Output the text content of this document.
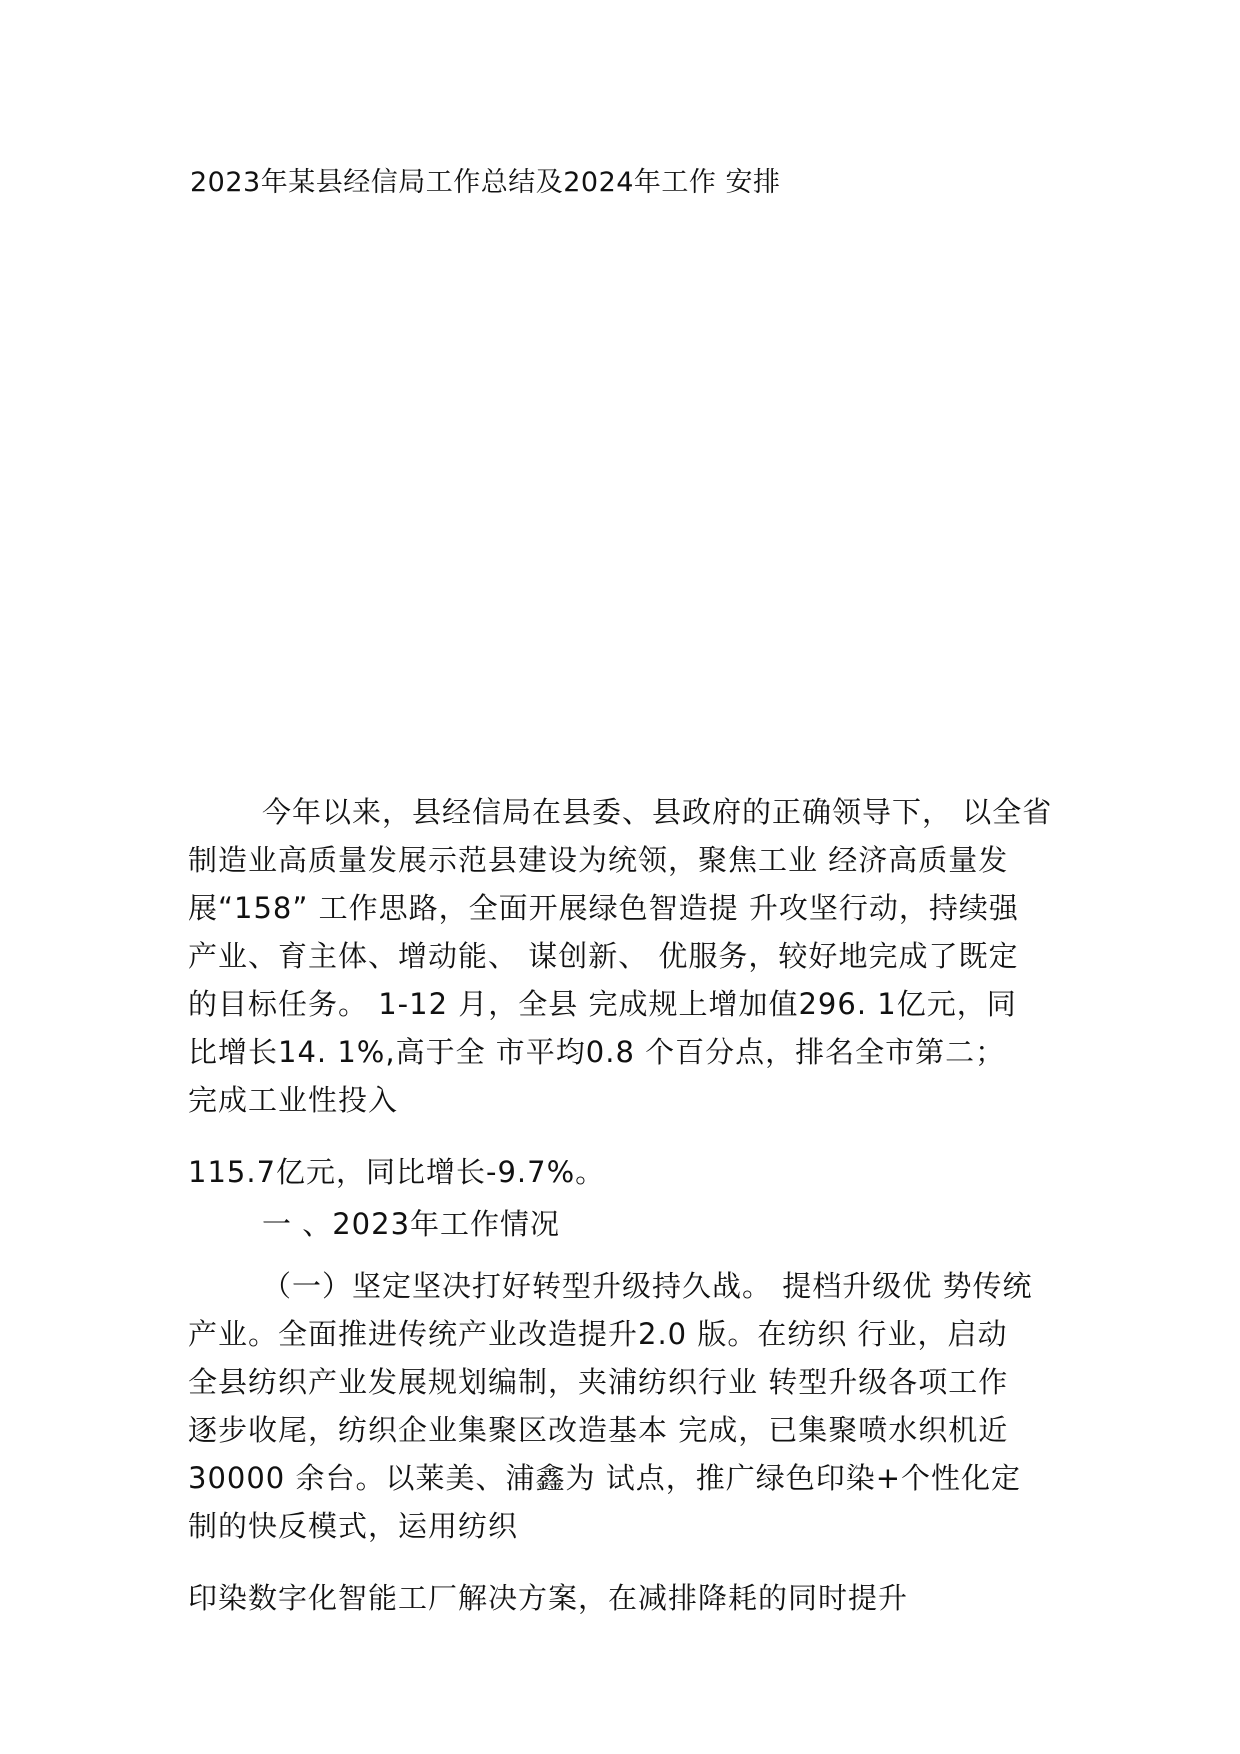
2023年某县经信局工作总结及2024年工作 安排
今年以来，县经信局在县委、县政府的正确领导下， 以全省
制造业高质量发展示范县建设为统领，聚焦工业 经济高质量发
展“158” 工作思路，全面开展绿色智造提 升攻坚行动，持续强
产业、育主体、增动能、 谋创新、 优服务，较好地完成了既定
的目标任务。 1-12 月，全县 完成规上增加值296. 1亿元，同
比增长14. 1%,高于全 市平均0.8 个百分点，排名全市第二；
完成工业性投入
115.7亿元，同比增长-9.7%。
一 、2023年工作情况
（一）坚定坚决打好转型升级持久战。 提档升级优 势传统
产业。全面推进传统产业改造提升2.0 版。在纺织 行业，启动
全县纺织产业发展规划编制，夹浦纺织行业 转型升级各项工作
逐步收尾，纺织企业集聚区改造基本 完成，已集聚喷水织机近
30000 余台。以莱美、浦鑫为 试点，推广绿色印染+个性化定
制的快反模式，运用纺织
印染数字化智能工厂解决方案，在减排降耗的同时提升
